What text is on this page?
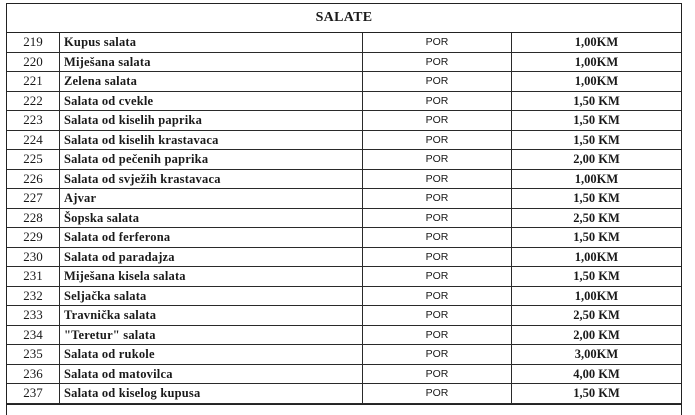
SALATE
219	Kupus salata	POR	1,00KM
220	Miješana salata	POR	1,00KM
221	Zelena salata	POR	1,00KM
222	Salata od cvekle	POR	1,50 KM
223	Salata od kiselih paprika	POR	1,50 KM
224	Salata od kiselih krastavaca	POR	1,50 KM
225	Salata od pečenih paprika	POR	2,00 KM
226	Salata od svježih krastavaca	POR	1,00KM
227	Ajvar	POR	1,50 KM
228	Šopska salata	POR	2,50 KM
229	Salata od ferferona	POR	1,50 KM
230	Salata od paradajza	POR	1,00KM
231	Miješana kisela salata	POR	1,50 KM
232	Seljačka salata	POR	1,00KM
233	Travnička salata	POR	2,50 KM
234	"Teretur" salata	POR	2,00 KM
235	Salata od rukole	POR	3,00KM
236	Salata od matovilca	POR	4,00 KM
237	Salata od kiselog kupusa	POR	1,50 KM
